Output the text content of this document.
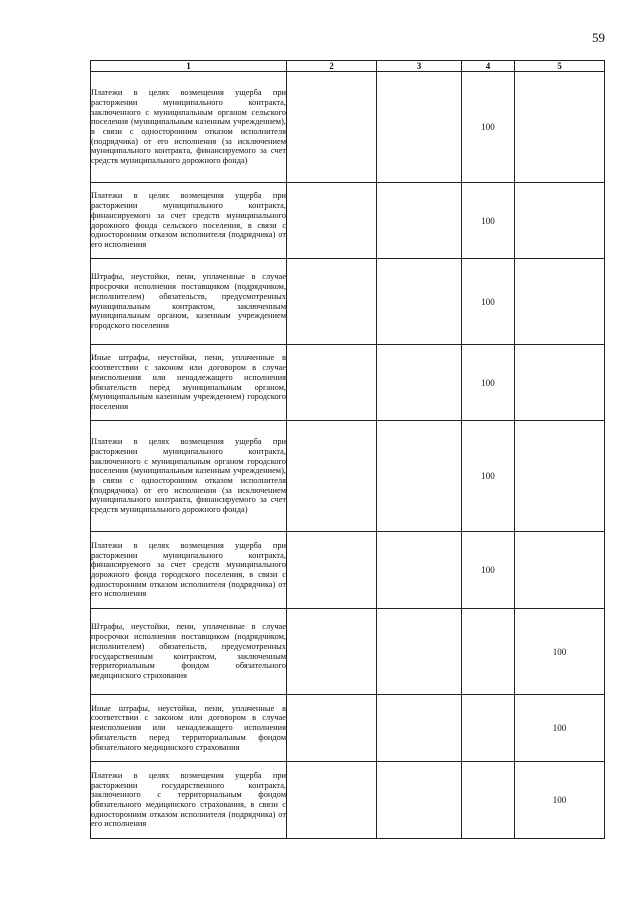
59
1	2	3	4	5
Платежи в целях возмещения ущерба при расторжении муниципального контракта, заключенного с муниципальным органом сельского поселения (муниципальным казенным учреждением), в связи с односторонним отказом исполнителя (подрядчика) от его исполнения (за исключением муниципального контракта, финансируемого за счет средств муниципального дорожного фонда)			100	
Платежи в целях возмещения ущерба при расторжении муниципального контракта, финансируемого за счет средств муниципального дорожного фонда сельского поселения, в связи с односторонним отказом исполнителя (подрядчика) от его исполнения			100	
Штрафы, неустойки, пени, уплаченные в случае просрочки исполнения поставщиком (подрядчиком, исполнителем) обязательств, предусмотренных муниципальным контрактом, заключенным муниципальным органом, казенным учреждением городского поселения			100	
Иные штрафы, неустойки, пени, уплаченные в соответствии с законом или договором в случае неисполнения или ненадлежащего исполнения обязательств перед муниципальным органом, (муниципальным казенным учреждением) городского поселения			100	
Платежи в целях возмещения ущерба при расторжении муниципального контракта, заключенного с муниципальным органом городского поселения (муниципальным казенным учреждением), в связи с односторонним отказом исполнителя (подрядчика) от его исполнения (за исключением муниципального контракта, финансируемого за счет средств муниципального дорожного фонда)			100	
Платежи в целях возмещения ущерба при расторжении муниципального контракта, финансируемого за счет средств муниципального дорожного фонда городского поселения, в связи с односторонним отказом исполнителя (подрядчика) от его исполнения			100	
Штрафы, неустойки, пени, уплаченные в случае просрочки исполнения поставщиком (подрядчиком, исполнителем) обязательств, предусмотренных государственным контрактом, заключенным территориальным фондом обязательного медицинского страхования				100
Иные штрафы, неустойки, пени, уплаченные в соответствии с законом или договором в случае неисполнения или ненадлежащего исполнения обязательств перед территориальным фондом обязательного медицинского страхования				100
Платежи в целях возмещения ущерба при расторжении государственного контракта, заключенного с территориальным фондом обязательного медицинского страхования, в связи с односторонним отказом исполнителя (подрядчика) от его исполнения				100
